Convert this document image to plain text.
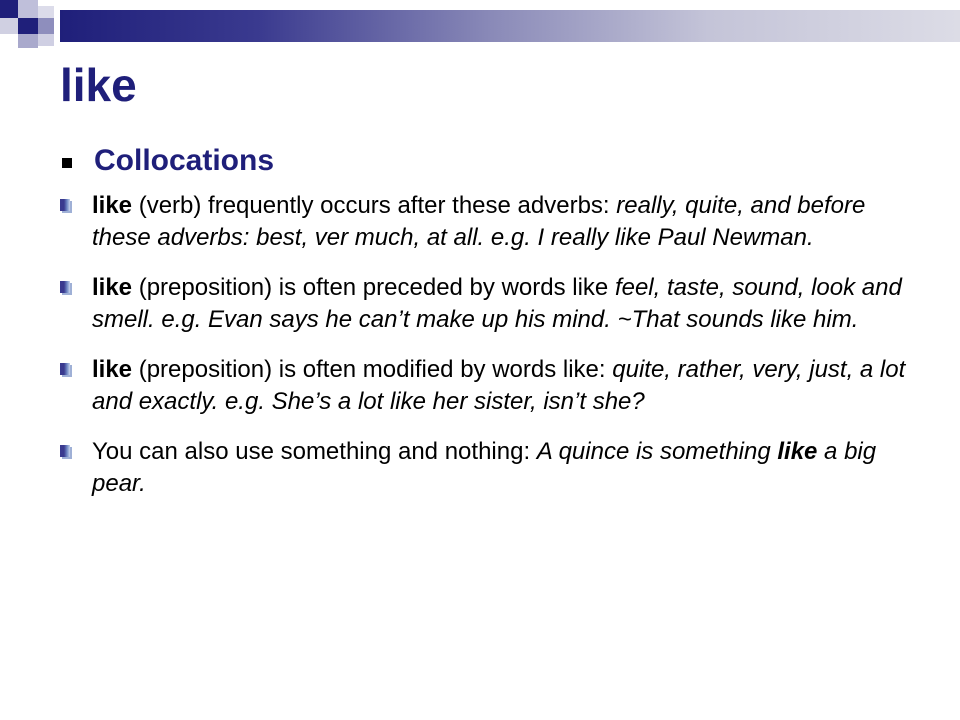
like
Collocations
like (verb) frequently occurs after these adverbs: really, quite, and before these adverbs: best, ver much, at all. e.g. I really like Paul Newman.
like (preposition) is often preceded by words like feel, taste, sound, look and smell. e.g. Evan says he can’t make up his mind. ~That sounds like him.
like (preposition) is often modified by words like: quite, rather, very, just, a lot and exactly. e.g. She’s a lot like her sister, isn’t she?
You can also use something and nothing: A quince is something like a big pear.
